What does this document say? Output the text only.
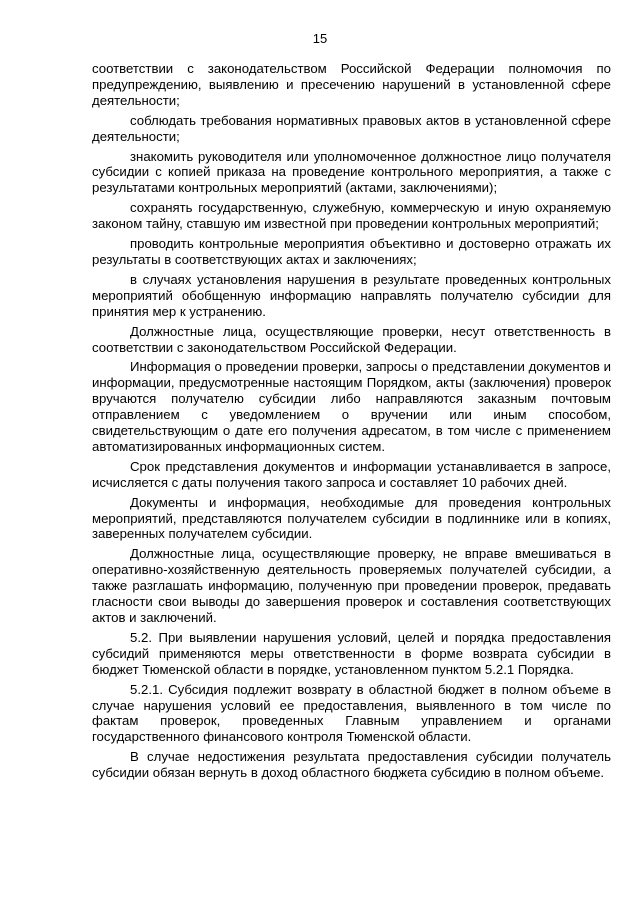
15

соответствии с законодательством Российской Федерации полномочия по предупреждению, выявлению и пресечению нарушений в установленной сфере деятельности;

соблюдать требования нормативных правовых актов в установленной сфере деятельности;

знакомить руководителя или уполномоченное должностное лицо получателя субсидии с копией приказа на проведение контрольного мероприятия, а также с результатами контрольных мероприятий (актами, заключениями);

сохранять государственную, служебную, коммерческую и иную охраняемую законом тайну, ставшую им известной при проведении контрольных мероприятий;

проводить контрольные мероприятия объективно и достоверно отражать их результаты в соответствующих актах и заключениях;

в случаях установления нарушения в результате проведенных контрольных мероприятий обобщенную информацию направлять получателю субсидии для принятия мер к устранению.

Должностные лица, осуществляющие проверки, несут ответственность в соответствии с законодательством Российской Федерации.

Информация о проведении проверки, запросы о представлении документов и информации, предусмотренные настоящим Порядком, акты (заключения) проверок вручаются получателю субсидии либо направляются заказным почтовым отправлением с уведомлением о вручении или иным способом, свидетельствующим о дате его получения адресатом, в том числе с применением автоматизированных информационных систем.

Срок представления документов и информации устанавливается в запросе, исчисляется с даты получения такого запроса и составляет 10 рабочих дней.

Документы и информация, необходимые для проведения контрольных мероприятий, представляются получателем субсидии в подлиннике или в копиях, заверенных получателем субсидии.

Должностные лица, осуществляющие проверку, не вправе вмешиваться в оперативно-хозяйственную деятельность проверяемых получателей субсидии, а также разглашать информацию, полученную при проведении проверок, предавать гласности свои выводы до завершения проверок и составления соответствующих актов и заключений.

5.2. При выявлении нарушения условий, целей и порядка предоставления субсидий применяются меры ответственности в форме возврата субсидии в бюджет Тюменской области в порядке, установленном пунктом 5.2.1 Порядка.

5.2.1. Субсидия подлежит возврату в областной бюджет в полном объеме в случае нарушения условий ее предоставления, выявленного в том числе по фактам проверок, проведенных Главным управлением и органами государственного финансового контроля Тюменской области.

В случае недостижения результата предоставления субсидии получатель субсидии обязан вернуть в доход областного бюджета субсидию в полном объеме.
